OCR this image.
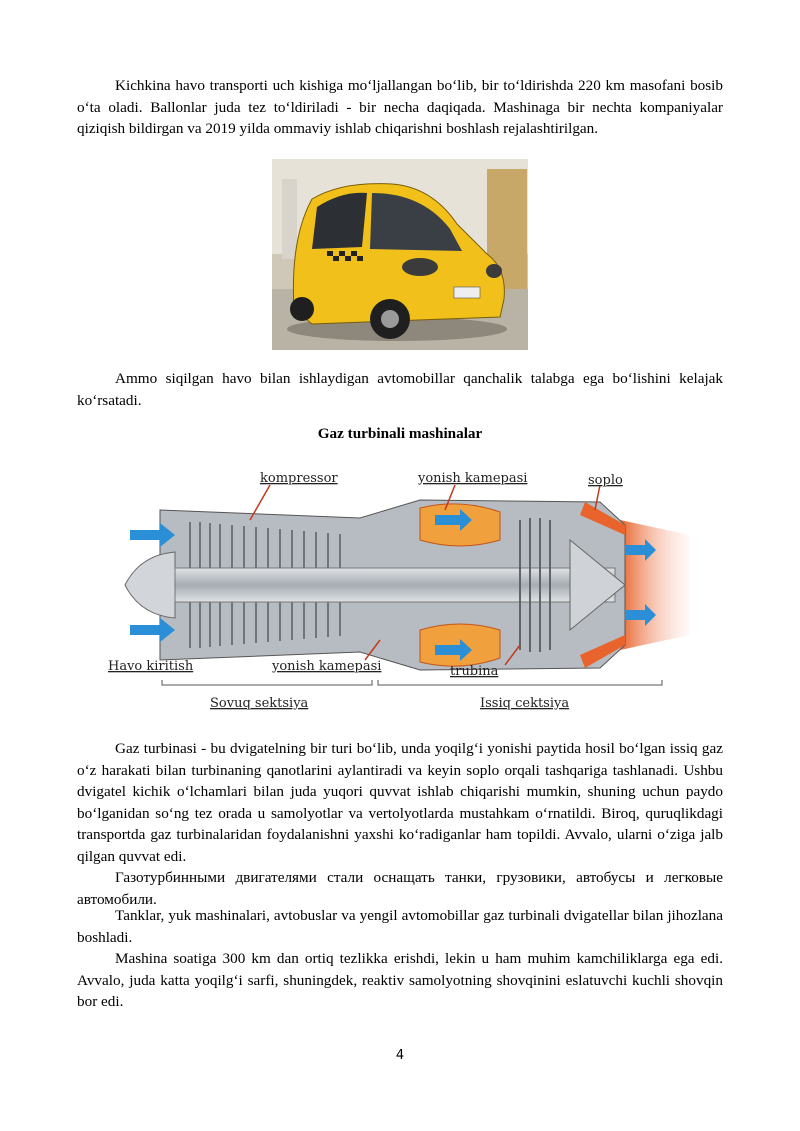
Kichkina havo transporti uch kishiga mo‘ljallangan bo‘lib, bir to‘ldirishda 220 km masofani bosib o‘ta oladi. Ballonlar juda tez to‘ldiriladi - bir necha daqiqada. Mashinaga bir nechta kompaniyalar qiziqish bildirgan va 2019 yilda ommaviy ishlab chiqarishni boshlash rejalashtirilgan.

Ammo siqilgan havo bilan ishlaydigan avtomobillar qanchalik talabga ega bo‘lishini kelajak ko‘rsatadi.

Gaz turbinali mashinalar
kompressor	yonish kamepasi	soplo
Havo kiritish	yonish kamepasi	trubina
Sovuq sektsiya	Issiq cektsiya

Gaz turbinasi - bu dvigatelning bir turi bo‘lib, unda yoqilg‘i yonishi paytida hosil bo‘lgan issiq gaz o‘z harakati bilan turbinaning qanotlarini aylantiradi va keyin soplo orqali tashqariga tashlanadi. Ushbu dvigatel kichik o‘lchamlari bilan juda yuqori quvvat ishlab chiqarishi mumkin, shuning uchun paydo bo‘lganidan so‘ng tez orada u samolyotlar va vertolyotlarda mustahkam o‘rnatildi. Biroq, quruqlikdagi transportda gaz turbinalaridan foydalanishni yaxshi ko‘radiganlar ham topildi. Avvalo, ularni o‘ziga jalb qilgan quvvat edi.

Газотурбинными двигателями стали оснащать танки, грузовики, автобусы и легковые автомобили.

Tanklar, yuk mashinalari, avtobuslar va yengil avtomobillar gaz turbinali dvigatellar bilan jihozlana boshladi.

Mashina soatiga 300 km dan ortiq tezlikka erishdi, lekin u ham muhim kamchiliklarga ega edi. Avvalo, juda katta yoqilg‘i sarfi, shuningdek, reaktiv samolyotning shovqinini eslatuvchi kuchli shovqin bor edi.

4
